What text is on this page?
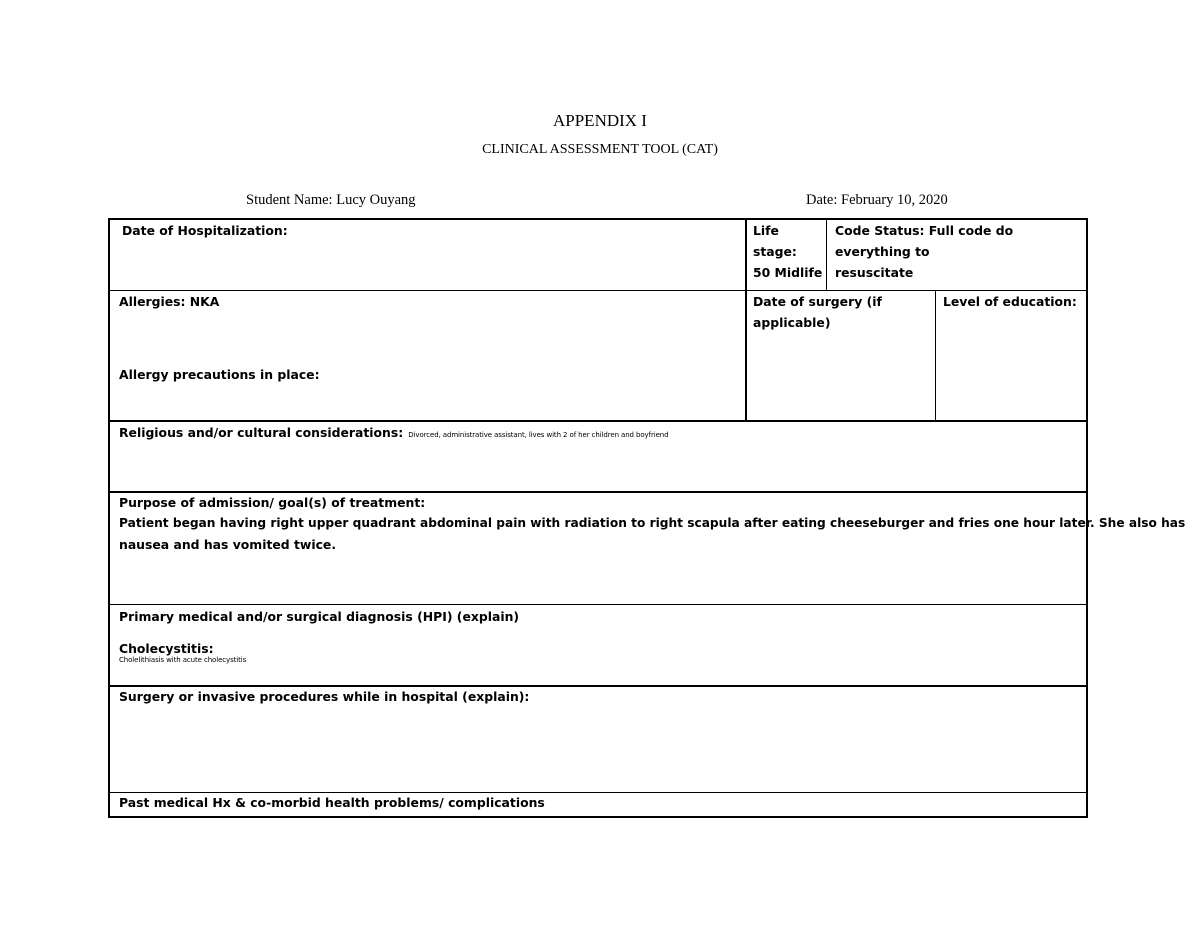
APPENDIX I
CLINICAL ASSESSMENT TOOL (CAT)
Student Name: Lucy Ouyang	Date: February 10, 2020
Date of Hospitalization:	Life stage:
50 Midlife
Code Status: Full code do everything to
resuscitate
Allergies: NKA
Allergy precautions in place:
Date of surgery (if
applicable)
Level of education:
Religious and/or cultural considerations: Divorced, administrative assistant, lives with 2 of her children and boyfriend
Purpose of admission/ goal(s) of treatment:
Patient began having right upper quadrant abdominal pain with radiation to right scapula after eating cheeseburger and fries one hour later. She also has
nausea and has vomited twice.
Primary medical and/or surgical diagnosis (HPI) (explain)
Cholecystitis:
Cholelithiasis with acute cholecystitis
Surgery or invasive procedures while in hospital (explain):
Past medical Hx & co-morbid health problems/ complications
